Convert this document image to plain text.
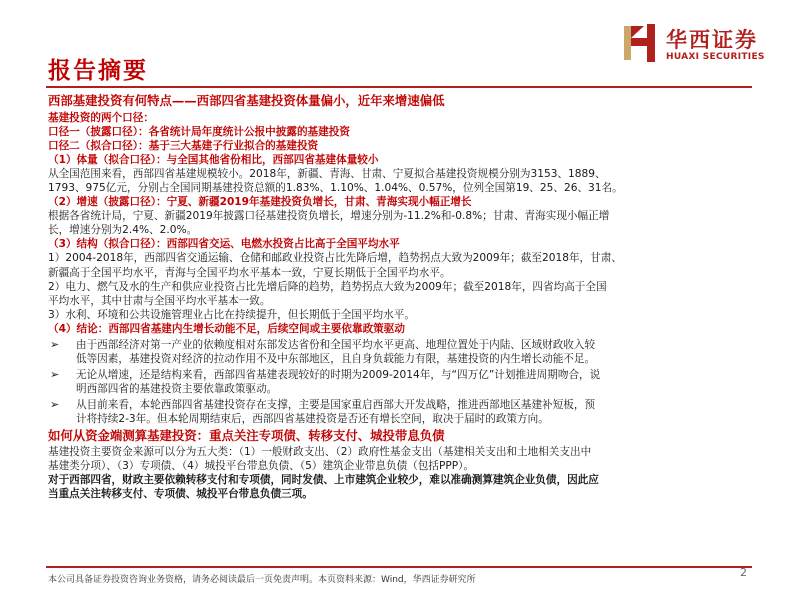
华西证券
HUAXI SECURITIES
报告摘要
西部基建投资有何特点——西部四省基建投资体量偏小，近年来增速偏低
基建投资的两个口径：
口径一（披露口径）：各省统计局年度统计公报中披露的基建投资
口径二（拟合口径）：基于三大基建子行业拟合的基建投资
（1）体量（拟合口径）：与全国其他省份相比，西部四省基建体量较小
从全国范围来看，西部四省基建规模较小。2018年，新疆、青海、甘肃、宁夏拟合基建投资规模分别为3153、1889、
1793、975亿元，分别占全国同期基建投资总额的1.83%、1.10%、1.04%、0.57%，位列全国第19、25、26、31名。
（2）增速（披露口径）：宁夏、新疆2019年基建投资负增长，甘肃、青海实现小幅正增长
根据各省统计局，宁夏、新疆2019年披露口径基建投资负增长，增速分别为-11.2%和-0.8%；甘肃、青海实现小幅正增
长，增速分别为2.4%、2.0%。
（3）结构（拟合口径）：西部四省交运、电燃水投资占比高于全国平均水平
1）2004-2018年，西部四省交通运输、仓储和邮政业投资占比先降后增，趋势拐点大致为2009年；截至2018年，甘肃、
新疆高于全国平均水平，青海与全国平均水平基本一致，宁夏长期低于全国平均水平。
2）电力、燃气及水的生产和供应业投资占比先增后降的趋势，趋势拐点大致为2009年；截至2018年，四省均高于全国
平均水平，其中甘肃与全国平均水平基本一致。
3）水利、环境和公共设施管理业占比在持续提升，但长期低于全国平均水平。
（4）结论：西部四省基建内生增长动能不足，后续空间或主要依靠政策驱动
➢ 由于西部经济对第一产业的依赖度相对东部发达省份和全国平均水平更高、地理位置处于内陆、区域财政收入较
低等因素，基建投资对经济的拉动作用不及中东部地区，且自身负载能力有限，基建投资的内生增长动能不足。
➢ 无论从增速，还是结构来看，西部四省基建表现较好的时期为2009-2014年，与“四万亿”计划推进周期吻合，说
明西部四省的基建投资主要依靠政策驱动。
➢ 从目前来看，本轮西部四省基建投资存在支撑，主要是国家重启西部大开发战略，推进西部地区基建补短板，预
计将持续2-3年。但本轮周期结束后，西部四省基建投资是否还有增长空间，取决于届时的政策方向。
如何从资金端测算基建投资：重点关注专项债、转移支付、城投带息负债
基建投资主要资金来源可以分为五大类：（1）一般财政支出、（2）政府性基金支出（基建相关支出和土地相关支出中
基建类分项）、（3）专项债、（4）城投平台带息负债、（5）建筑企业带息负债（包括PPP）。
对于西部四省，财政主要依赖转移支付和专项债，同时发债、上市建筑企业较少，难以准确测算建筑企业负债，因此应
当重点关注转移支付、专项债、城投平台带息负债三项。
本公司具备证券投资咨询业务资格，请务必阅读最后一页免责声明。本页资料来源：Wind，华西证券研究所
2
